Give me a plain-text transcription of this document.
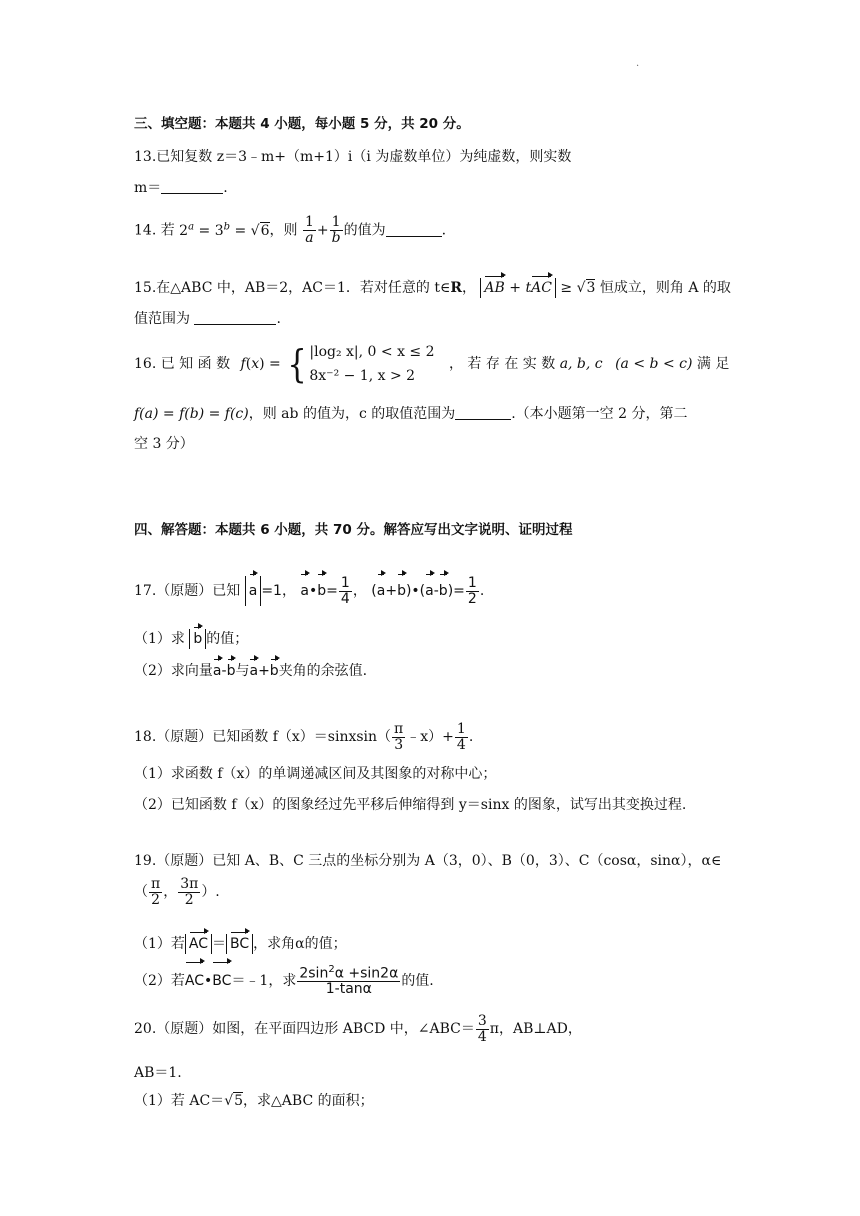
.
三、填空题：本题共 4 小题，每小题 5 分，共 20 分。
13.已知复数 z＝3﹣m+（m+1）i（i 为虚数单位）为纯虚数，则实数
m＝	.
14. 若 $2^a = 3^b = √6$，则 $\frac{1}{a} + \frac{1}{b}$ 的值为	.
15.在△ABC 中，AB＝2，AC＝1．若对任意的 t∈R， AB + tAC ≥ √3 恒成立，则角 A 的取
值范围为	.
16. 已 知 函 数 f(x) = { |log₂ x|, 0 < x ≤ 2
8x⁻² − 1, x > 2
， 若 存 在 实 数 a, b, c (a < b < c) 满 足
f(a) = f(b) = f(c)，则 ab 的值为，c 的取值范围为	.（本小题第一空 2 分，第二
空 3 分）
四、解答题：本题共 6 小题，共 70 分。解答应写出文字说明、证明过程
17.（原题）已知 a =1， a•b= $\frac{1}{4}$ ， (a+b)•(a-b)= $\frac{1}{2}$ .
（1）求 b 的值；
（2）求向量a-b与a+b夹角的余弦值.
18.（原题）已知函数 f（x）＝sinxsin（ $\frac{\pi}{3}$ ﹣x）+ $\frac{1}{4}$ .
（1）求函数 f（x）的单调递减区间及其图象的对称中心；
（2）已知函数 f（x）的图象经过先平移后伸缩得到 y＝sinx 的图象，试写出其变换过程.
19.（原题）已知 A、B、C 三点的坐标分别为 A（3，0）、B（0，3）、C（cosα，sinα），α∈
（ $\frac{\pi}{2}$ ， $\frac{3\pi}{2}$ ）.
（1）若 AC ＝ BC ，求角α的值；
（2）若AC•BC＝﹣1，求 $\frac{2\sin^2\alpha +\sin 2\alpha}{1-\tan\alpha}$ 的值.
20.（原题）如图，在平面四边形 ABCD 中，∠ABC＝ $\frac{3}{4}$ π，AB⊥AD，
AB＝1.
（1）若 AC＝√5，求△ABC 的面积；
